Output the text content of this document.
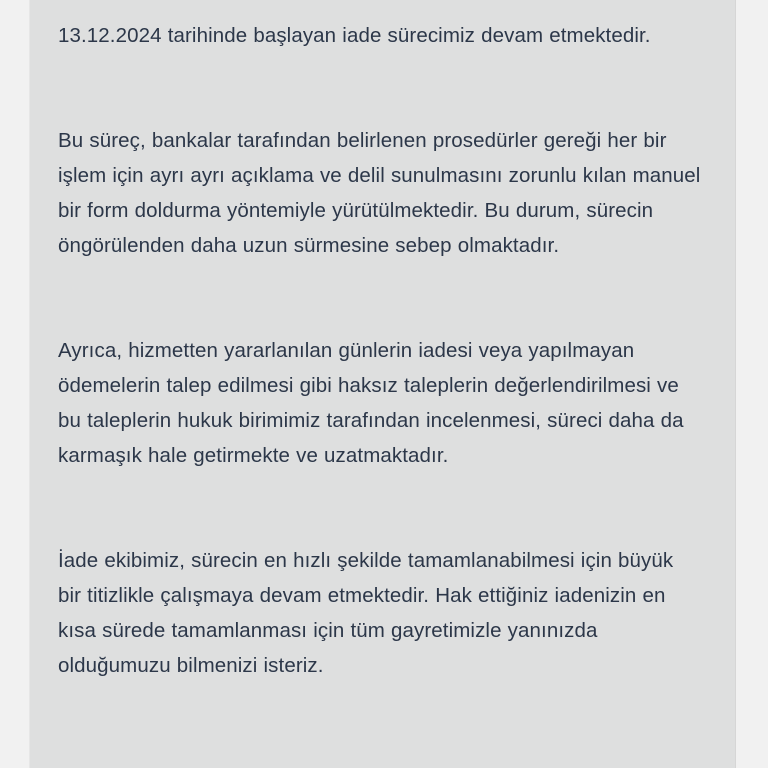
13.12.2024 tarihinde başlayan iade sürecimiz devam etmektedir.

Bu süreç, bankalar tarafından belirlenen prosedürler gereği her bir işlem için ayrı ayrı açıklama ve delil sunulmasını zorunlu kılan manuel bir form doldurma yöntemiyle yürütülmektedir. Bu durum, sürecin öngörülenden daha uzun sürmesine sebep olmaktadır.

Ayrıca, hizmetten yararlanılan günlerin iadesi veya yapılmayan ödemelerin talep edilmesi gibi haksız taleplerin değerlendirilmesi ve bu taleplerin hukuk birimimiz tarafından incelenmesi, süreci daha da karmaşık hale getirmekte ve uzatmaktadır.

İade ekibimiz, sürecin en hızlı şekilde tamamlanabilmesi için büyük bir titizlikle çalışmaya devam etmektedir. Hak ettiğiniz iadenizin en kısa sürede tamamlanması için tüm gayretimizle yanınızda olduğumuzu bilmenizi isteriz.
